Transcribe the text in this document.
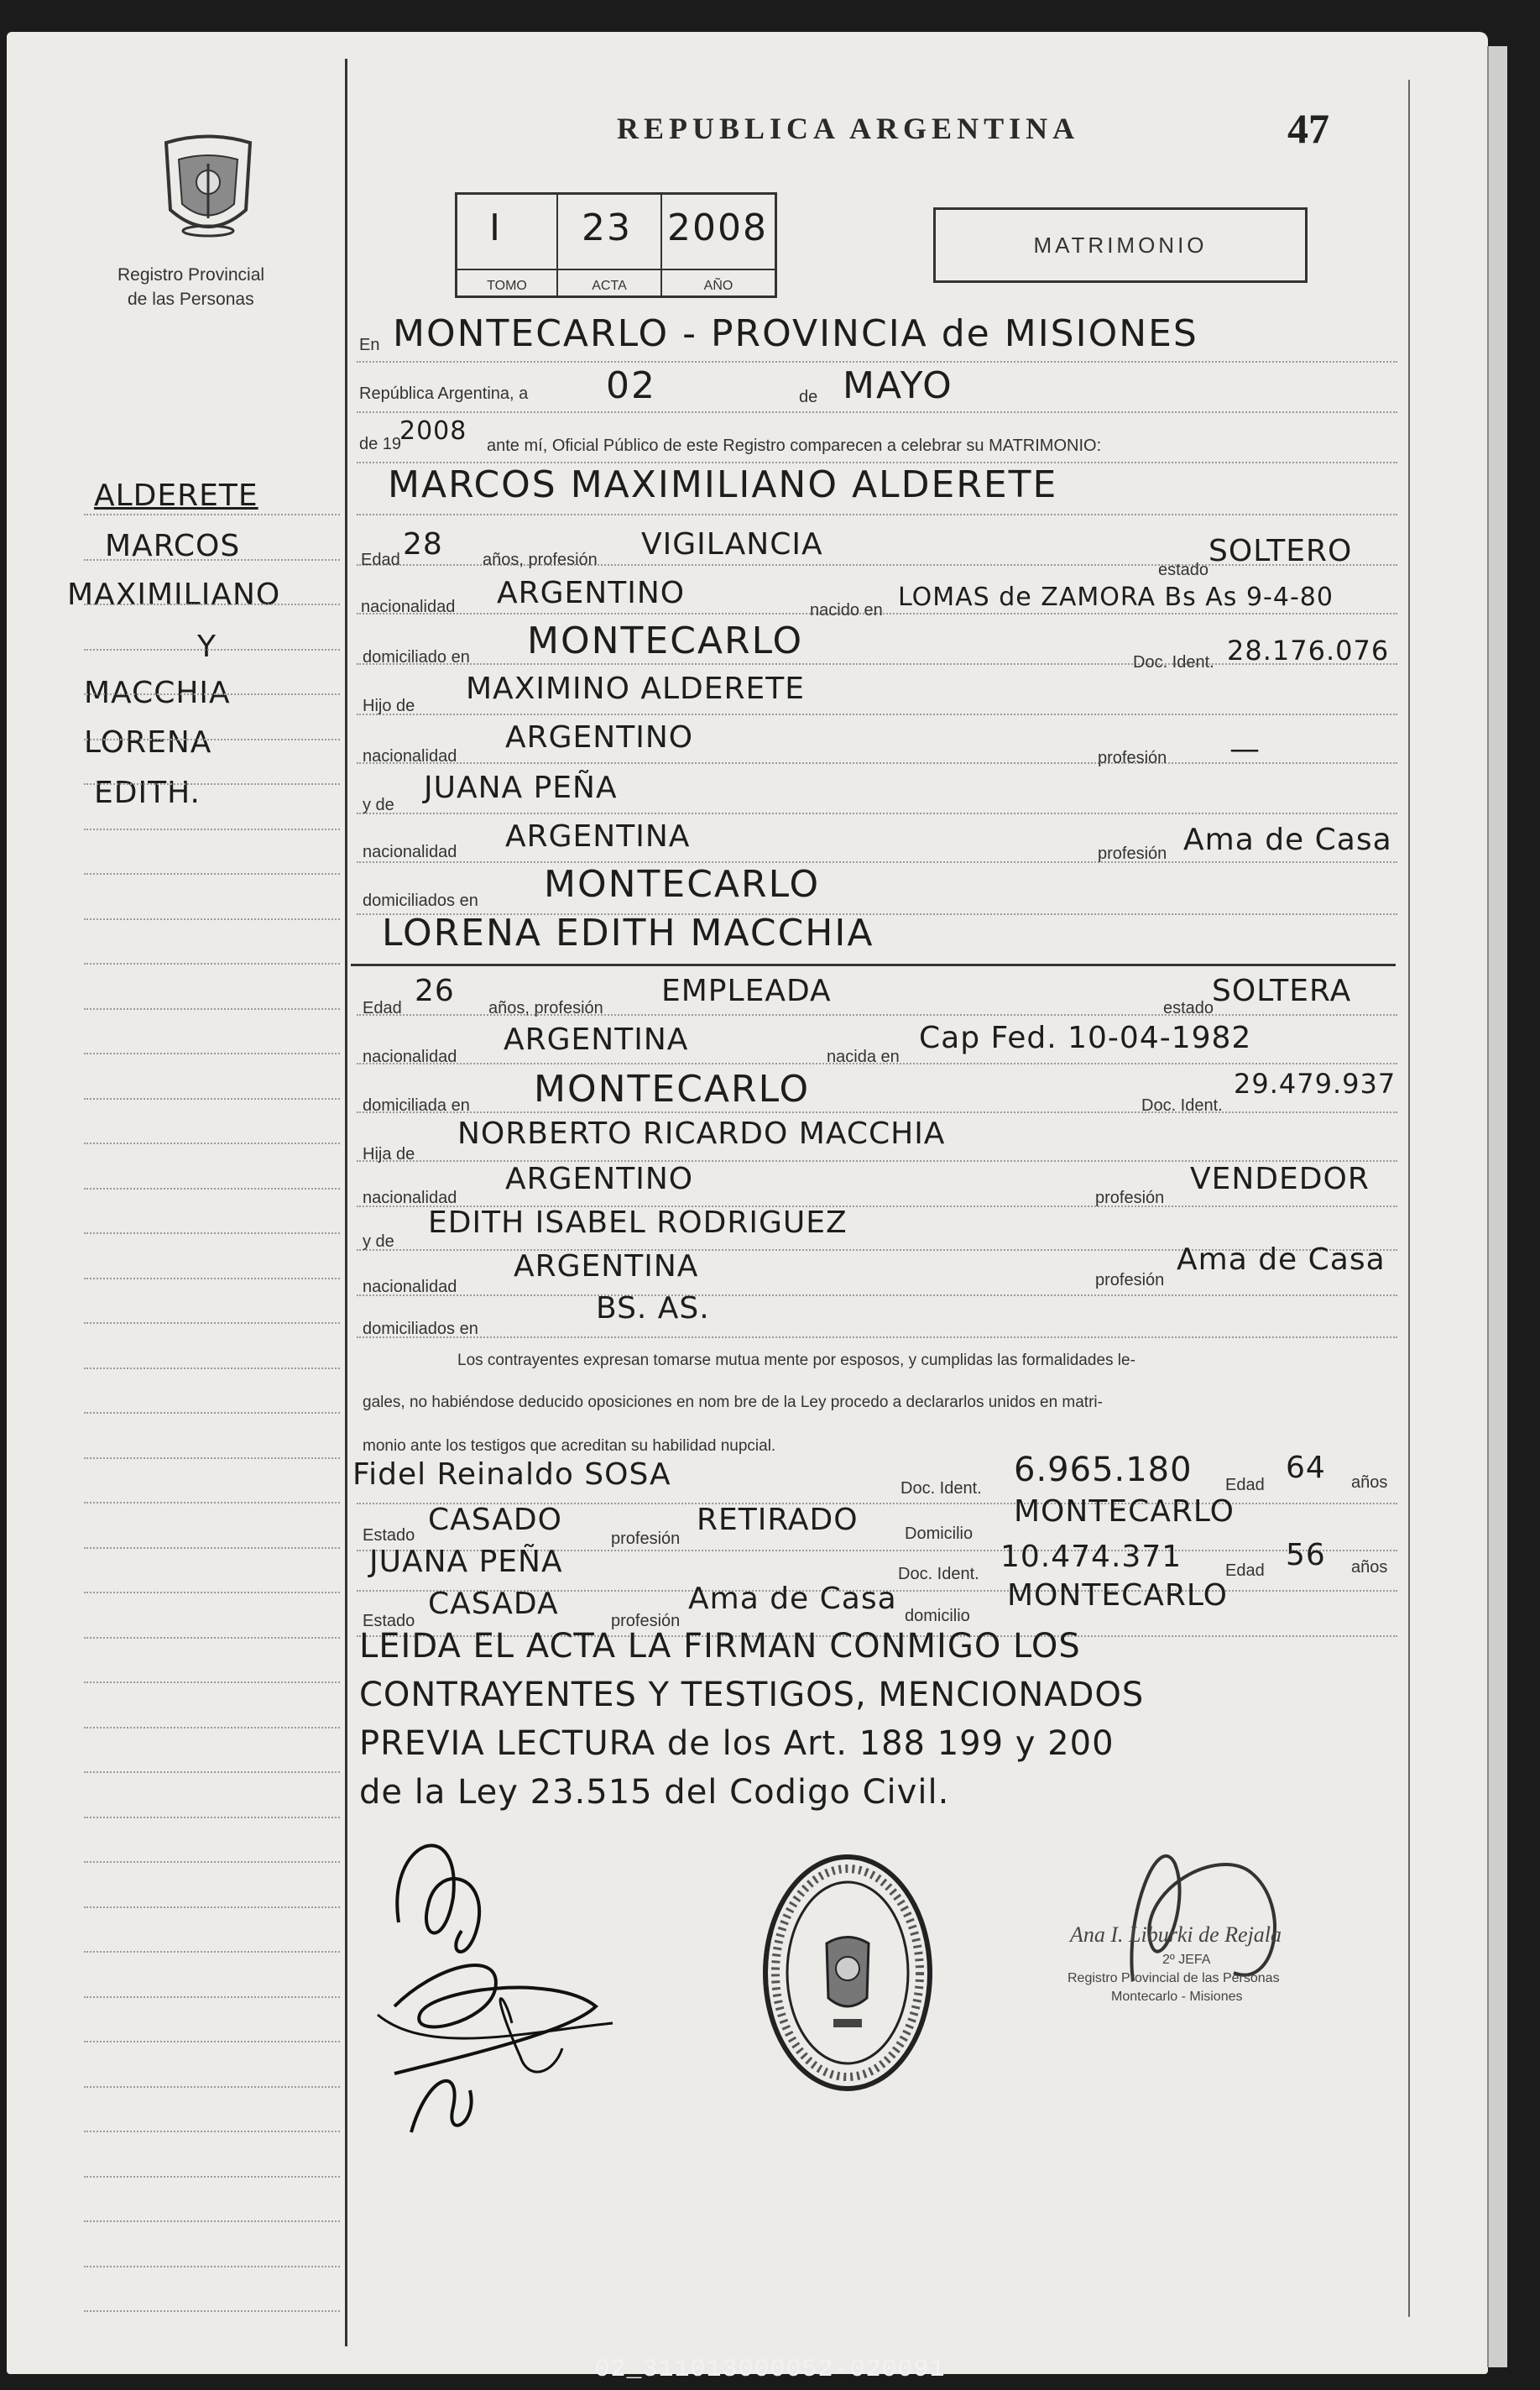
Registro Provincial
de las Personas
REPUBLICA ARGENTINA	47
I
TOMO
23
ACTA
2008
AÑO
MATRIMONIO
ALDERETE
MARCOS
MAXIMILIANO
Y
MACCHIA
LORENA
EDITH.
En MONTECARLO - PROVINCIA de MISIONES
República Argentina, a 02	de MAYO
de 19
2008 ante mí, Oficial Público de este Registro comparecen a celebrar su MATRIMONIO:
MARCOS MAXIMILIANO ALDERETE
Edad 28 años, profesión VIGILANCIA
estado
SOLTERO
nacionalidad ARGENTINO	nacido en LOMAS de ZAMORA Bs As 9-4-80
domiciliado en MONTECARLO	Doc. Ident. 28.176.076
Hijo de MAXIMINO ALDERETE
nacionalidad
ARGENTINO
profesión —
y de JUANA PEÑA
nacionalidad ARGENTINA	profesión Ama de Casa
domiciliados en MONTECARLO
LORENA EDITH MACCHIA
Edad 26 años, profesión EMPLEADA	estado
SOLTERA
nacionalidad ARGENTINA	nacida en
Cap Fed. 10-04-1982
domiciliada en MONTECARLO	Doc. Ident.
29.479.937
Hija de
NORBERTO RICARDO MACCHIA
nacionalidad
ARGENTINO
profesión
VENDEDOR
y de
EDITH ISABEL RODRIGUEZ
nacionalidad
ARGENTINA	profesión
Ama de Casa
domiciliados en
BS. AS.
Los contrayentes expresan tomarse mutua mente por esposos, y cumplidas las formalidades le-
gales, no habiéndose deducido oposiciones en nom bre de la Ley procedo a declararlos unidos en matri-
monio ante los testigos que acreditan su habilidad nupcial.
Fidel Reinaldo SOSA	Doc. Ident. 6.965.180 Edad 64 años
Estado CASADO
profesión
RETIRADO	Domicilio
MONTECARLO
JUANA PEÑA	Doc. Ident. 10.474.371	Edad 56 años
Estado CASADA	profesión
Ama de Casa domicilio
MONTECARLO
LEIDA EL ACTA LA FIRMAN CONMIGO LOS
CONTRAYENTES Y TESTIGOS, MENCIONADOS
PREVIA LECTURA de los Art. 188 199 y 200
de la Ley 23.515 del Codigo Civil.
Ana I. Liburki de Rejala
2º JEFA
Registro Provincial de las Personas
Montecarlo - Misiones
02_311013000052-020091
